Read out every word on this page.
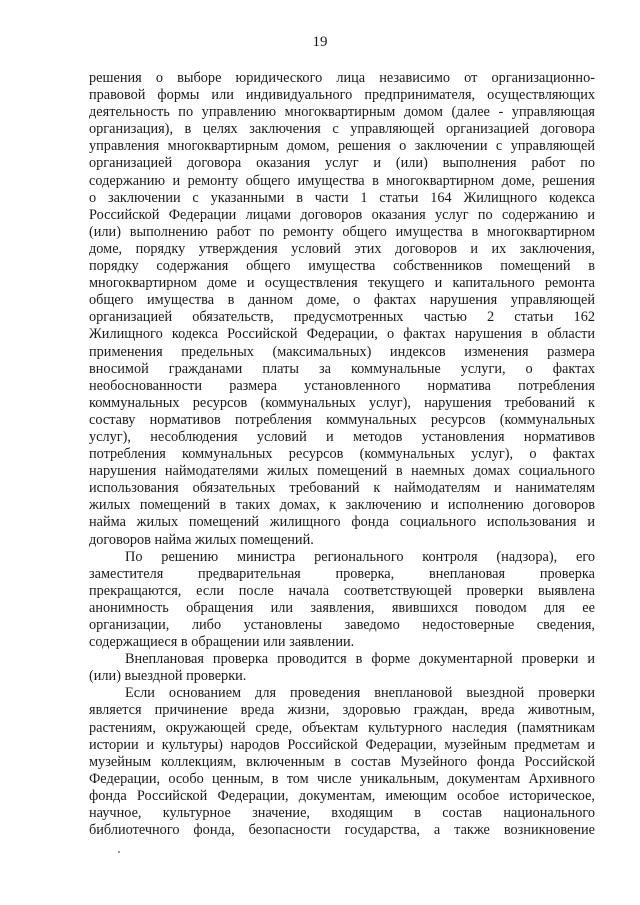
19
решения о выборе юридического лица независимо от организационно-
правовой формы или индивидуального предпринимателя, осуществляющих
деятельность по управлению многоквартирным домом (далее - управляющая
организация), в целях заключения с управляющей организацией договора
управления многоквартирным домом, решения о заключении с управляющей
организацией договора оказания услуг и (или) выполнения работ по
содержанию и ремонту общего имущества в многоквартирном доме, решения
о заключении с указанными в части 1 статьи 164 Жилищного кодекса
Российской Федерации лицами договоров оказания услуг по содержанию и
(или) выполнению работ по ремонту общего имущества в многоквартирном
доме, порядку утверждения условий этих договоров и их заключения,
порядку содержания общего имущества собственников помещений в
многоквартирном доме и осуществления текущего и капитального ремонта
общего имущества в данном доме, о фактах нарушения управляющей
организацией обязательств, предусмотренных частью 2 статьи 162
Жилищного кодекса Российской Федерации, о фактах нарушения в области
применения предельных (максимальных) индексов изменения размера
вносимой гражданами платы за коммунальные услуги, о фактах
необоснованности размера установленного норматива потребления
коммунальных ресурсов (коммунальных услуг), нарушения требований к
составу нормативов потребления коммунальных ресурсов (коммунальных
услуг), несоблюдения условий и методов установления нормативов
потребления коммунальных ресурсов (коммунальных услуг), о фактах
нарушения наймодателями жилых помещений в наемных домах социального
использования обязательных требований к наймодателям и нанимателям
жилых помещений в таких домах, к заключению и исполнению договоров
найма жилых помещений жилищного фонда социального использования и
договоров найма жилых помещений.
По решению министра регионального контроля (надзора), его
заместителя предварительная проверка, внеплановая проверка
прекращаются, если после начала соответствующей проверки выявлена
анонимность обращения или заявления, явившихся поводом для ее
организации, либо установлены заведомо недостоверные сведения,
содержащиеся в обращении или заявлении.
Внеплановая проверка проводится в форме документарной проверки и
(или) выездной проверки.
Если основанием для проведения внеплановой выездной проверки
является причинение вреда жизни, здоровью граждан, вреда животным,
растениям, окружающей среде, объектам культурного наследия (памятникам
истории и культуры) народов Российской Федерации, музейным предметам и
музейным коллекциям, включенным в состав Музейного фонда Российской
Федерации, особо ценным, в том числе уникальным, документам Архивного
фонда Российской Федерации, документам, имеющим особое историческое,
научное, культурное значение, входящим в состав национального
библиотечного фонда, безопасности государства, а также возникновение
